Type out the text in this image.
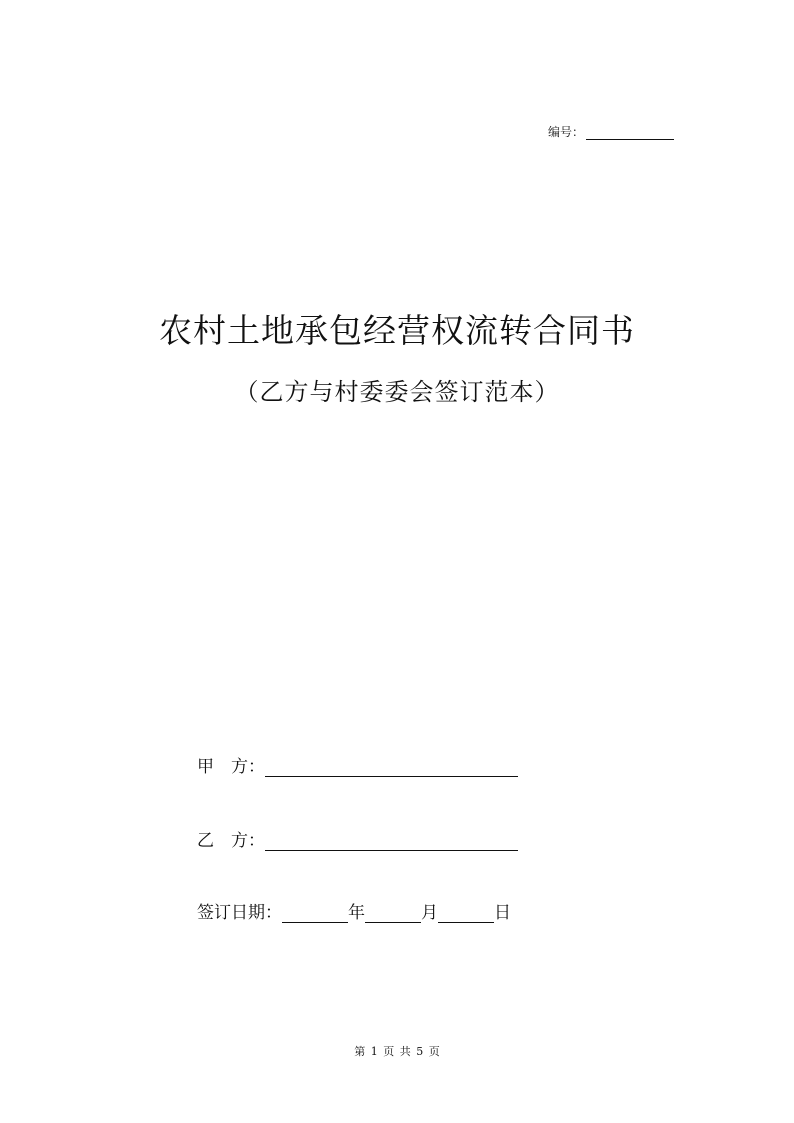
编号：
农村土地承包经营权流转合同书
（乙方与村委委会签订范本）
甲 方：
乙 方：
签订日期：	年	月	日
第 1 页 共 5 页
